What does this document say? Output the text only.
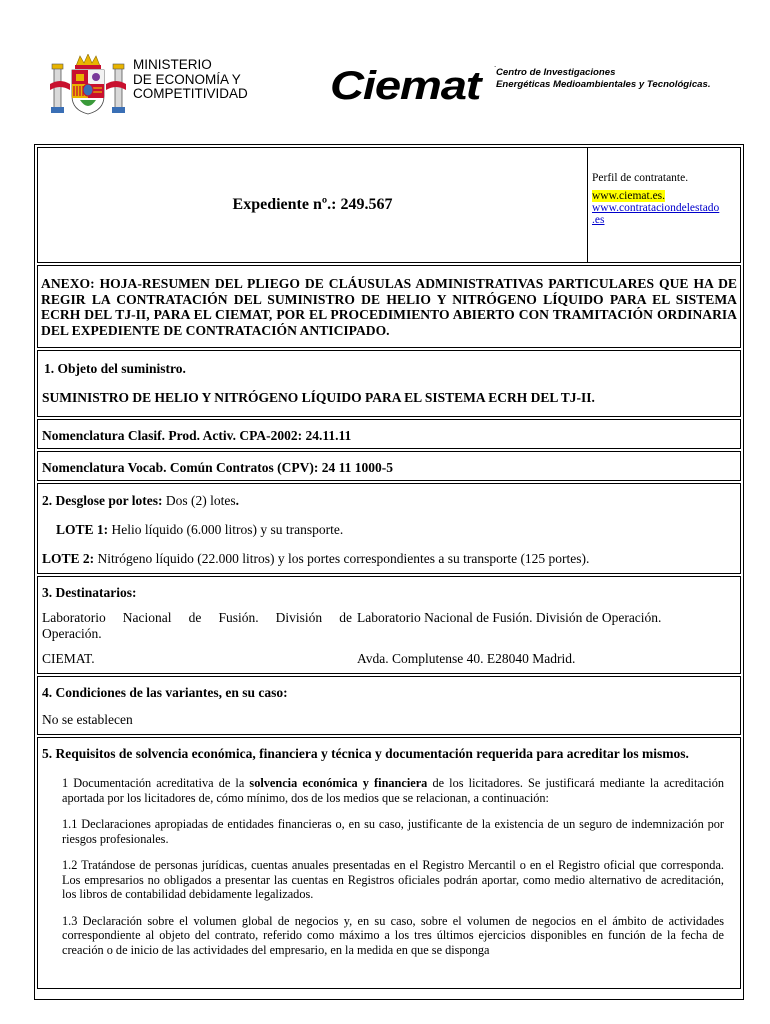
MINISTERIO
DE ECONOMÍA Y
COMPETITIVIDAD Ciemat .
Centro de Investigaciones
Energéticas Medioambientales y Tecnológicas.
Expediente nº.: 249.567
Perfil de contratante.
www.ciemat.es.
www.contrataciondelestado
.es
ANEXO: HOJA-RESUMEN DEL PLIEGO DE CLÁUSULAS ADMINISTRATIVAS PARTICULARES QUE HA DE REGIR LA CONTRATACIÓN DEL SUMINISTRO DE HELIO Y NITRÓGENO LÍQUIDO PARA EL SISTEMA ECRH DEL TJ-II, PARA EL CIEMAT, POR EL PROCEDIMIENTO ABIERTO CON TRAMITACIÓN ORDINARIA DEL EXPEDIENTE DE CONTRATACIÓN ANTICIPADO.
1. Objeto del suministro.
SUMINISTRO DE HELIO Y NITRÓGENO LÍQUIDO PARA EL SISTEMA ECRH DEL TJ-II.
Nomenclatura Clasif. Prod. Activ. CPA-2002: 24.11.11
Nomenclatura Vocab. Común Contratos (CPV): 24 11 1000-5
2. Desglose por lotes: Dos (2) lotes.
LOTE 1: Helio líquido (6.000 litros) y su transporte.
LOTE 2: Nitrógeno líquido (22.000 litros) y los portes correspondientes a su transporte (125 portes).
3. Destinatarios:
Laboratorio Nacional de Fusión. División de Laboratorio Nacional de Fusión. División de Operación.
Operación.
CIEMAT.	Avda. Complutense 40. E28040 Madrid.
4. Condiciones de las variantes, en su caso:
No se establecen
5. Requisitos de solvencia económica, financiera y técnica y documentación requerida para acreditar los mismos.
1 Documentación acreditativa de la solvencia económica y financiera de los licitadores. Se justificará mediante la acreditación aportada por los licitadores de, cómo mínimo, dos de los medios que se relacionan, a continuación:
1.1 Declaraciones apropiadas de entidades financieras o, en su caso, justificante de la existencia de un seguro de indemnización por riesgos profesionales.
1.2 Tratándose de personas jurídicas, cuentas anuales presentadas en el Registro Mercantil o en el Registro oficial que corresponda. Los empresarios no obligados a presentar las cuentas en Registros oficiales podrán aportar, como medio alternativo de acreditación, los libros de contabilidad debidamente legalizados.
1.3 Declaración sobre el volumen global de negocios y, en su caso, sobre el volumen de negocios en el ámbito de actividades correspondiente al objeto del contrato, referido como máximo a los tres últimos ejercicios disponibles en función de la fecha de creación o de inicio de las actividades del empresario, en la medida en que se disponga
